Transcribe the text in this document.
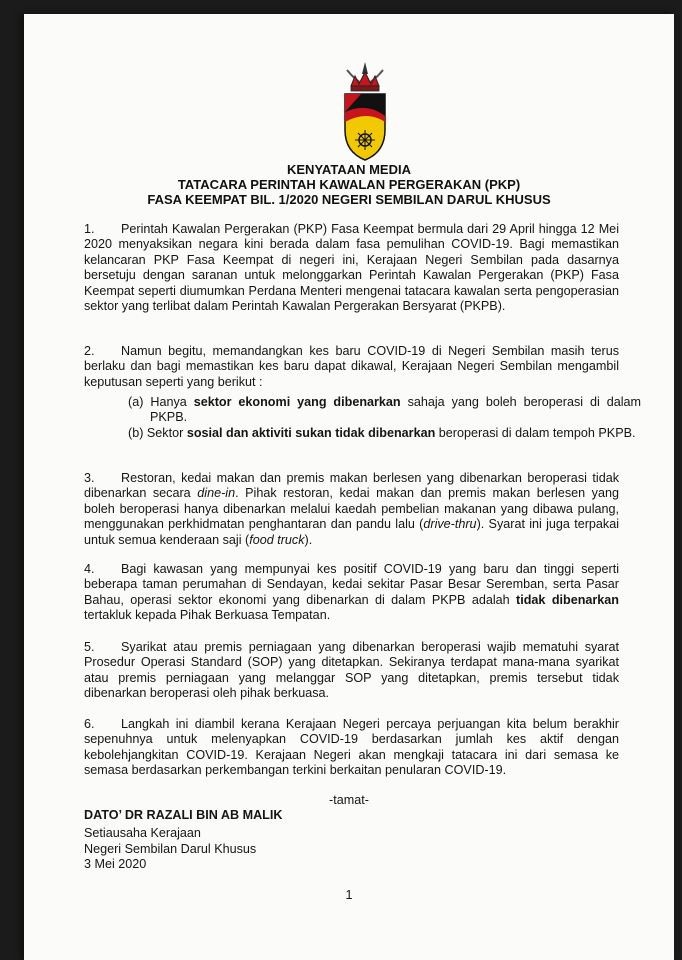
KENYATAAN MEDIA
TATACARA PERINTAH KAWALAN PERGERAKAN (PKP)
FASA KEEMPAT BIL. 1/2020 NEGERI SEMBILAN DARUL KHUSUS
1. Perintah Kawalan Pergerakan (PKP) Fasa Keempat bermula dari 29 April hingga 12 Mei 2020 menyaksikan negara kini berada dalam fasa pemulihan COVID-19. Bagi memastikan kelancaran PKP Fasa Keempat di negeri ini, Kerajaan Negeri Sembilan pada dasarnya bersetuju dengan saranan untuk melonggarkan Perintah Kawalan Pergerakan (PKP) Fasa Keempat seperti diumumkan Perdana Menteri mengenai tatacara kawalan serta pengoperasian sektor yang terlibat dalam Perintah Kawalan Pergerakan Bersyarat (PKPB).
2. Namun begitu, memandangkan kes baru COVID-19 di Negeri Sembilan masih terus berlaku dan bagi memastikan kes baru dapat dikawal, Kerajaan Negeri Sembilan mengambil keputusan seperti yang berikut :
(a) Hanya sektor ekonomi yang dibenarkan sahaja yang boleh beroperasi di dalam PKPB.
(b) Sektor sosial dan aktiviti sukan tidak dibenarkan beroperasi di dalam tempoh PKPB.
3. Restoran, kedai makan dan premis makan berlesen yang dibenarkan beroperasi tidak dibenarkan secara dine-in. Pihak restoran, kedai makan dan premis makan berlesen yang boleh beroperasi hanya dibenarkan melalui kaedah pembelian makanan yang dibawa pulang, menggunakan perkhidmatan penghantaran dan pandu lalu (drive-thru). Syarat ini juga terpakai untuk semua kenderaan saji (food truck).
4. Bagi kawasan yang mempunyai kes positif COVID-19 yang baru dan tinggi seperti beberapa taman perumahan di Sendayan, kedai sekitar Pasar Besar Seremban, serta Pasar Bahau, operasi sektor ekonomi yang dibenarkan di dalam PKPB adalah tidak dibenarkan tertakluk kepada Pihak Berkuasa Tempatan.
5. Syarikat atau premis perniagaan yang dibenarkan beroperasi wajib mematuhi syarat Prosedur Operasi Standard (SOP) yang ditetapkan. Sekiranya terdapat mana-mana syarikat atau premis perniagaan yang melanggar SOP yang ditetapkan, premis tersebut tidak dibenarkan beroperasi oleh pihak berkuasa.
6. Langkah ini diambil kerana Kerajaan Negeri percaya perjuangan kita belum berakhir sepenuhnya untuk melenyapkan COVID-19 berdasarkan jumlah kes aktif dengan kebolehjangkitan COVID-19. Kerajaan Negeri akan mengkaji tatacara ini dari semasa ke semasa berdasarkan perkembangan terkini berkaitan penularan COVID-19.
-tamat-
DATO’ DR RAZALI BIN AB MALIK
Setiausaha Kerajaan
Negeri Sembilan Darul Khusus
3 Mei 2020
1
